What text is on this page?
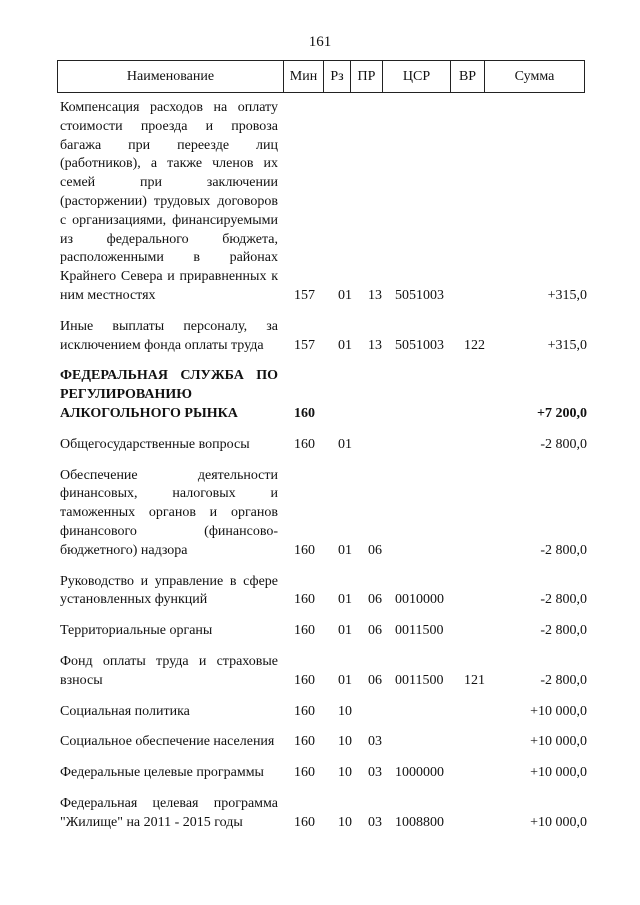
161
Наименование	Мин Рз ПР	ЦСР	ВР	Сумма
Компенсация расходов на оплату стоимости проезда и провоза багажа при переезде лиц (работников), а также членов их семей при заключении (расторжении) трудовых договоров с организациями, финансируемыми из федерального бюджета, расположенными в районах Крайнего Севера и приравненных к ним местностях	157	01	13 5051003	+315,0
Иные выплаты персоналу, за исключением фонда оплаты труда	157	01	13 5051003	122	+315,0
ФЕДЕРАЛЬНАЯ СЛУЖБА ПО РЕГУЛИРОВАНИЮ АЛКОГОЛЬНОГО РЫНКА	160	+7 200,0
Общегосударственные вопросы	160	01	-2 800,0
Обеспечение деятельности финансовых, налоговых и таможенных органов и органов финансового (финансово-бюджетного) надзора	160	01	06	-2 800,0
Руководство и управление в сфере установленных функций	160	01	06 0010000	-2 800,0
Территориальные органы	160	01	06 0011500	-2 800,0
Фонд оплаты труда и страховые взносы	160	01	06 0011500	121	-2 800,0
Социальная политика	160	10	+10 000,0
Социальное обеспечение населения 160	10	03	+10 000,0
Федеральные целевые программы	160	10	03 1000000	+10 000,0
Федеральная целевая программа "Жилище" на 2011 - 2015 годы	160	10	03 1008800	+10 000,0
